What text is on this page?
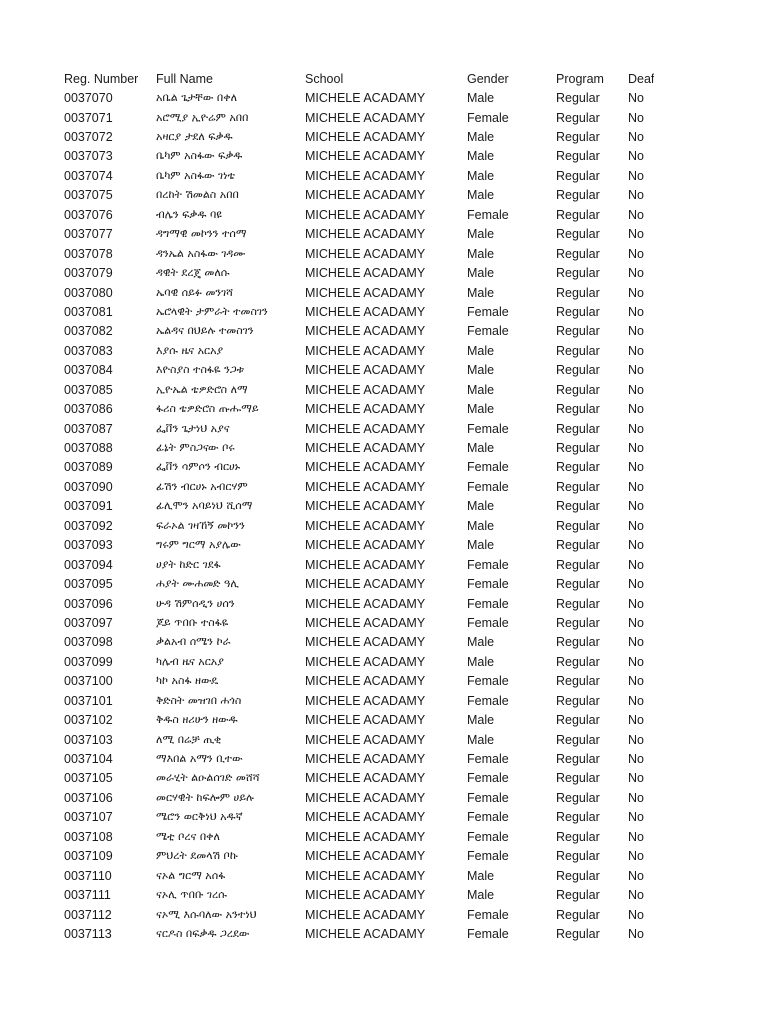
Reg. Number Full Name	School	Gender	Program Deaf
0037070	አቤል ጌታቸው በቀለ	MICHELE ACADAMY	Male	Regular No
0037071	አሮሚያ ኢዮሬም አበበ	MICHELE ACADAMY	Female	Regular No
0037072	አዛርያ ታደለ ፍቃዱ	MICHELE ACADAMY	Male	Regular No
0037073	ቤካም አስፋው ፍቃዱ	MICHELE ACADAMY	Male	Regular No
0037074	ቤካም አስፋው ገነቴ	MICHELE ACADAMY	Male	Regular No
0037075	በረከት ሽመልስ አበበ	MICHELE ACADAMY	Male	Regular No
0037076	ብሌን ፍቃዱ ባዩ	MICHELE ACADAMY	Female	Regular No
0037077	ዳግማዊ መኮንን ተሰማ	MICHELE ACADAMY	Male	Regular No
0037078	ዳንኤል አስፋው ገዳሙ	MICHELE ACADAMY	Male	Regular No
0037079	ዳዊት ደረጄ መለሱ	MICHELE ACADAMY	Male	Regular No
0037080	ኤባዊ ሰይፉ መንገሻ	MICHELE ACADAMY	Male	Regular No
0037081	ኤሮላዊት ታምራት ተመስገን	MICHELE ACADAMY	Female	Regular No
0037082	ኤልዳና በህይሉ ተመስገን	MICHELE ACADAMY	Female	Regular No
0037083	እያሱ ዜና አርአያ	MICHELE ACADAMY	Male	Regular No
0037084	እዮስያስ ተስፋዬ ንጋቱ	MICHELE ACADAMY	Male	Regular No
0037085	ኢዮኤል ቴዎድሮስ ለማ	MICHELE ACADAMY	Male	Regular No
0037086	ፋሪስ ቴዎድሮስ ጡሑማይ	MICHELE ACADAMY	Male	Regular No
0037087	ፌቨን ጌታነህ አያና	MICHELE ACADAMY	Female	Regular No
0037088	ፊኔት ምስጋናው ቦሩ	MICHELE ACADAMY	Male	Regular No
0037089	ፌቨን ሳምሶን ብርሀኑ	MICHELE ACADAMY	Female	Regular No
0037090	ፊሽን ብርሀኑ አብርሃም	MICHELE ACADAMY	Female	Regular No
0037091	ፊሊሞን አባይነህ ሺሰማ	MICHELE ACADAMY	Male	Regular No
0037092	ፍራኦል ገዛኸኝ መኮንን	MICHELE ACADAMY	Male	Regular No
0037093	ግሩም ግርማ አያሌው	MICHELE ACADAMY	Male	Regular No
0037094	ሀያት ከድር ገደፋ	MICHELE ACADAMY	Female	Regular No
0037095	ሐያት ሙሐመድ ዓሊ	MICHELE ACADAMY	Female	Regular No
0037096	ሁዳ ሽምሰዲን ሀሰን	MICHELE ACADAMY	Female	Regular No
0037097	ጆይ ጥበቡ ተስፋዬ	MICHELE ACADAMY	Female	Regular No
0037098	ቃልአብ ሰሜን ኮራ	MICHELE ACADAMY	Male	Regular No
0037099	ካሌብ ዜና አርአያ	MICHELE ACADAMY	Male	Regular No
0037100	ካኮ አስፋ ዘውዴ	MICHELE ACADAMY	Female	Regular No
0037101	ቅድስት መዝገበ ሐጎስ	MICHELE ACADAMY	Female	Regular No
0037102	ቅዱስ ዘሪሁን ዘውዱ	MICHELE ACADAMY	Male	Regular No
0037103	ለሚ በሬቻ ጢቂ	MICHELE ACADAMY	Male	Regular No
0037104	ማእበል አማን ቢተው	MICHELE ACADAMY	Female	Regular No
0037105	መራሂት ልዑልሰገድ መሸሻ	MICHELE ACADAMY	Female	Regular No
0037106	መርሃዊት ከፍሎም ሀይሉ	MICHELE ACADAMY	Female	Regular No
0037107	ሜሮን ወርቅነህ አዱኛ	MICHELE ACADAMY	Female	Regular No
0037108	ሜቲ ቦረና በቀለ	MICHELE ACADAMY	Female	Regular No
0037109	ምህረት ደመላሽ ቦኩ	MICHELE ACADAMY	Female	Regular No
0037110	ናኦል ግርማ አሰፋ	MICHELE ACADAMY	Male	Regular No
0037111	ናኦሊ ጥበቡ ገረሱ	MICHELE ACADAMY	Male	Regular No
0037112	ናኦሚ እሱባለው አንተነህ	MICHELE ACADAMY	Female	Regular No
0037113	ናርዶስ በፍቃዱ ጋረደው	MICHELE ACADAMY	Female	Regular No
